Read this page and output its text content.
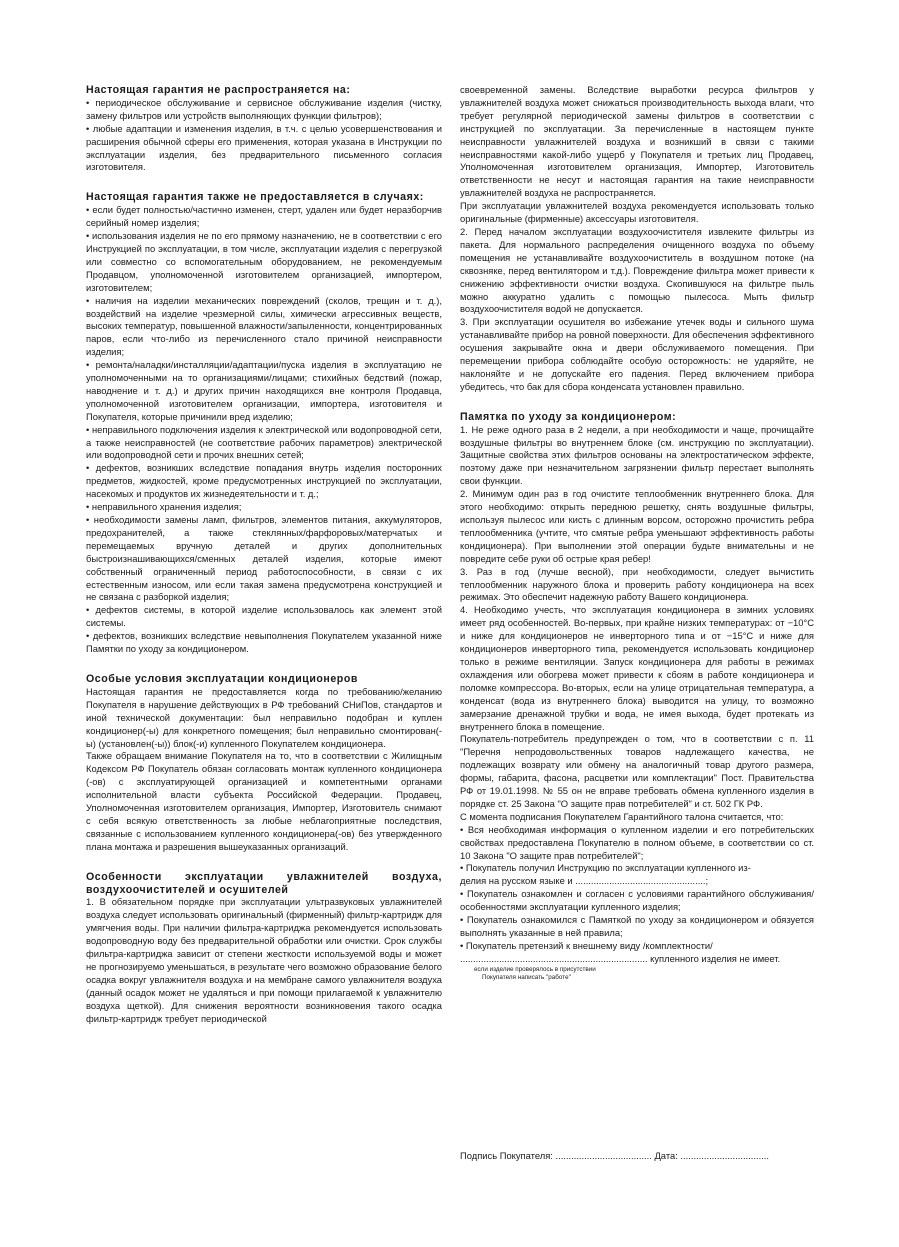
Настоящая гарантия не распространяется на:

• периодическое обслуживание и сервисное обслуживание изделия (чистку, замену фильтров или устройств выполняющих функции фильтров);

• любые адаптации и изменения изделия, в т.ч. с целью усовершенствования и расширения обычной сферы его применения, которая указана в Инструкции по эксплуатации изделия, без предварительного письменного согласия изготовителя.

Настоящая гарантия также не предоставляется в случаях:

• если будет полностью/частично изменен, стерт, удален или будет неразборчив серийный номер изделия;

• использования изделия не по его прямому назначению, не в соответствии с его Инструкцией по эксплуатации, в том числе, эксплуатации изделия с перегрузкой или совместно со вспомогательным оборудованием, не рекомендуемым Продавцом, уполномоченной изготовителем организацией, импортером, изготовителем;

• наличия на изделии механических повреждений (сколов, трещин и т. д.), воздействий на изделие чрезмерной силы, химически агрессивных веществ, высоких температур, повышенной влажности/запыленности, концентрированных паров, если что-либо из перечисленного стало причиной неисправности изделия;

• ремонта/наладки/инсталляции/адаптации/пуска изделия в эксплуатацию не уполномоченными на то организациями/лицами; стихийных бедствий (пожар, наводнение и т. д.) и других причин находящихся вне контроля Продавца, уполномоченной изготовителем организации, импортера, изготовителя и Покупателя, которые причинили вред изделию;

• неправильного подключения изделия к электрической или водопроводной сети, а также неисправностей (не соответствие рабочих параметров) электрической или водопроводной сети и прочих внешних сетей;

• дефектов, возникших вследствие попадания внутрь изделия посторонних предметов, жидкостей, кроме предусмотренных инструкцией по эксплуатации, насекомых и продуктов их жизнедеятельности и т. д.;

• неправильного хранения изделия;

• необходимости замены ламп, фильтров, элементов питания, аккумуляторов, предохранителей, а также стеклянных/фарфоровых/матерчатых и перемещаемых вручную деталей и других дополнительных быстроизнашивающихся/сменных деталей изделия, которые имеют собственный ограниченный период работоспособности, в связи с их естественным износом, или если такая замена предусмотрена конструкцией и не связана с разборкой изделия;

• дефектов системы, в которой изделие использовалось как элемент этой системы.

• дефектов, возникших вследствие невыполнения Покупателем указанной ниже Памятки по уходу за кондиционером.

Особые условия эксплуатации кондиционеров

Настоящая гарантия не предоставляется когда по требованию/желанию Покупателя в нарушение действующих в РФ требований СНиПов, стандартов и иной технической документации: был неправильно подобран и куплен кондиционер(-ы) для конкретного помещения; был неправильно смонтирован(-ы) (установлен(-ы)) блок(-и) купленного Покупателем кондиционера.

Также обращаем внимание Покупателя на то, что в соответствии с Жилищным Кодексом РФ Покупатель обязан согласовать монтаж купленного кондиционера (-ов) с эксплуатирующей организацией и компетентными органами исполнительной власти субъекта Российской Федерации. Продавец, Уполномоченная изготовителем организация, Импортер, Изготовитель снимают с себя всякую ответственность за любые неблагоприятные последствия, связанные с использованием купленного кондиционера(-ов) без утвержденного плана монтажа и разрешения вышеуказанных организаций.

Особенности эксплуатации увлажнителей воздуха, воздухоочистителей и осушителей

1. В обязательном порядке при эксплуатации ультразвуковых увлажнителей воздуха следует использовать оригинальный (фирменный) фильтр-картридж для умягчения воды. При наличии фильтра-картриджа рекомендуется использовать водопроводную воду без предварительной обработки или очистки. Срок службы фильтра-картриджа зависит от степени жесткости используемой воды и может не прогнозируемо уменьшаться, в результате чего возможно образование белого осадка вокруг увлажнителя воздуха и на мембране самого увлажнителя воздуха (данный осадок может не удаляться и при помощи прилагаемой к увлажнителю воздуха щеткой). Для снижения вероятности возникновения такого осадка фильтр-картридж требует периодической

своевременной замены. Вследствие выработки ресурса фильтров у увлажнителей воздуха может снижаться производительность выхода влаги, что требует регулярной периодической замены фильтров в соответствии с инструкцией по эксплуатации. За перечисленные в настоящем пункте неисправности увлажнителей воздуха и возникший в связи с такими неисправностями какой-либо ущерб у Покупателя и третьих лиц Продавец, Уполномоченная изготовителем организация, Импортер, Изготовитель ответственности не несут и настоящая гарантия на такие неисправности увлажнителей воздуха не распространяется.

При эксплуатации увлажнителей воздуха рекомендуется использовать только оригинальные (фирменные) аксессуары изготовителя.

2. Перед началом эксплуатации воздухоочистителя извлеките фильтры из пакета. Для нормального распределения очищенного воздуха по объему помещения не устанавливайте воздухоочиститель в воздушном потоке (на сквозняке, перед вентилятором и т.д.). Повреждение фильтра может привести к снижению эффективности очистки воздуха. Скопившуюся на фильтре пыль можно аккуратно удалить с помощью пылесоса. Мыть фильтр воздухоочистителя водой не допускается.

3. При эксплуатации осушителя во избежание утечек воды и сильного шума устанавливайте прибор на ровной поверхности. Для обеспечения эффективного осушения закрывайте окна и двери обслуживаемого помещения. При перемещении прибора соблюдайте особую осторожность: не ударяйте, не наклоняйте и не допускайте его падения. Перед включением прибора убедитесь, что бак для сбора конденсата установлен правильно.

Памятка по уходу за кондиционером:

1. Не реже одного раза в 2 недели, а при необходимости и чаще, прочищайте воздушные фильтры во внутреннем блоке (см. инструкцию по эксплуатации). Защитные свойства этих фильтров основаны на электростатическом эффекте, поэтому даже при незначительном загрязнении фильтр перестает выполнять свои функции.

2. Минимум один раз в год очистите теплообменник внутреннего блока. Для этого необходимо: открыть переднюю решетку, снять воздушные фильтры, используя пылесос или кисть с длинным ворсом, осторожно прочистить ребра теплообменника (учтите, что смятые ребра уменьшают эффективность работы кондиционера). При выполнении этой операции будьте внимательны и не повредите себе руки об острые края ребер!

3. Раз в год (лучше весной), при необходимости, следует вычистить теплообменник наружного блока и проверить работу кондиционера на всех режимах. Это обеспечит надежную работу Вашего кондиционера.

4. Необходимо учесть, что эксплуатация кондиционера в зимних условиях имеет ряд особенностей. Во-первых, при крайне низких температурах: от −10°С и ниже для кондиционеров не инверторного типа и от −15°С и ниже для кондиционеров инверторного типа, рекомендуется использовать кондиционер только в режиме вентиляции. Запуск кондиционера для работы в режимах охлаждения или обогрева может привести к сбоям в работе кондиционера и поломке компрессора. Во-вторых, если на улице отрицательная температура, а конденсат (вода из внутреннего блока) выводится на улицу, то возможно замерзание дренажной трубки и вода, не имея выхода, будет протекать из внутреннего блока в помещение.

Покупатель-потребитель предупрежден о том, что в соответствии с п. 11 "Перечня непродовольственных товаров надлежащего качества, не подлежащих возврату или обмену на аналогичный товар другого размера, формы, габарита, фасона, расцветки или комплектации" Пост. Правительства РФ от 19.01.1998. № 55 он не вправе требовать обмена купленного изделия в порядке ст. 25 Закона "О защите прав потребителей" и ст. 502 ГК РФ.

С момента подписания Покупателем Гарантийного талона считается, что:

• Вся необходимая информация о купленном изделии и его потребительских свойствах предоставлена Покупателю в полном объеме, в соответствии со ст. 10 Закона "О защите прав потребителей";

• Покупатель получил Инструкцию по эксплуатации купленного из-
делия на русском языке и ..................................................;

• Покупатель ознакомлен и согласен с условиями гарантийного обслуживания/ особенностями эксплуатации купленного изделия;

• Покупатель ознакомился с Памяткой по уходу за кондиционером и обязуется выполнять указанные в ней правила;

• Покупатель претензий к внешнему виду /комплектности/
........................................................................ купленного изделия не имеет.
если изделие проверялось в присутствии
Покупателя написать "работе"
Подпись Покупателя: ..................................... Дата: ..................................
